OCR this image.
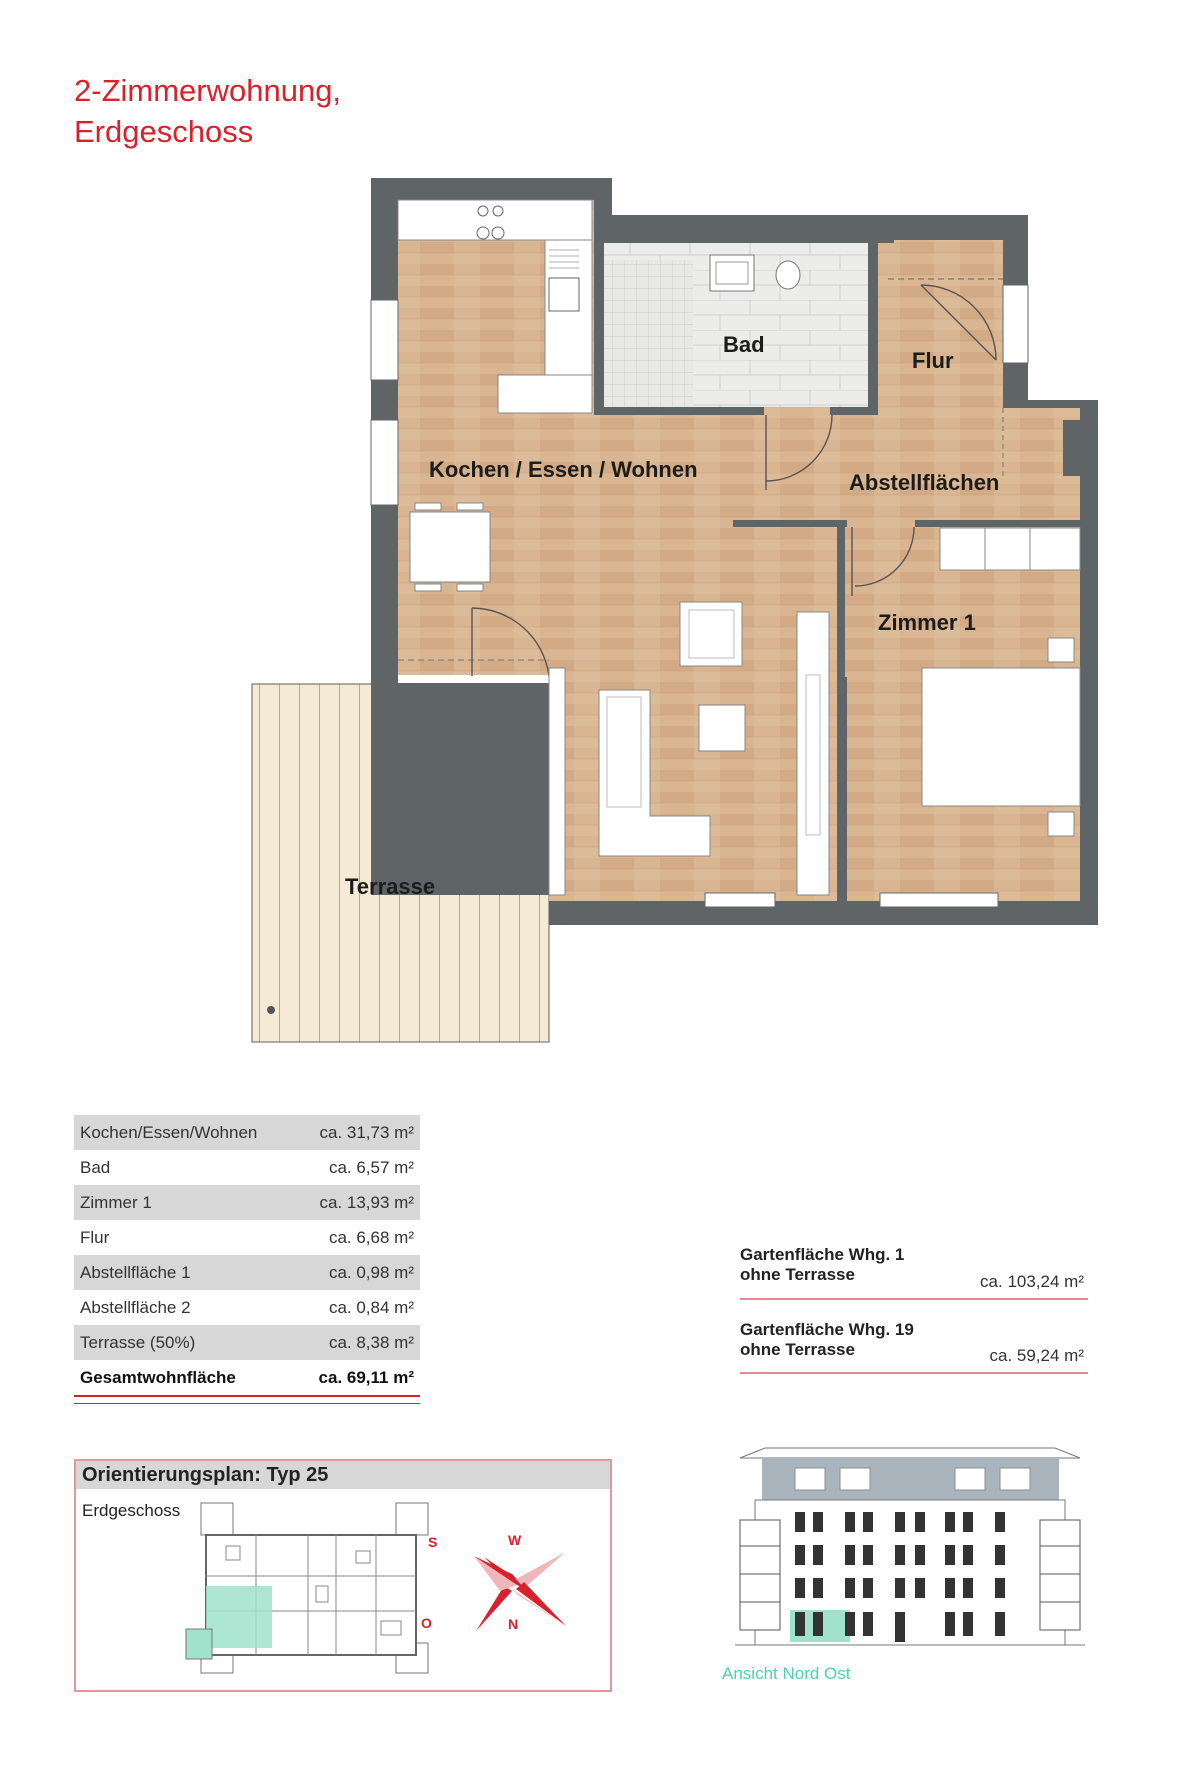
2-Zimmerwohnung,
Erdgeschoss
Bad
Flur
Kochen / Essen / Wohnen
Abstellflächen
Zimmer 1
Terrasse
Kochen/Essen/Wohnen	ca. 31,73 m²
Bad	ca. 6,57 m²
Zimmer 1	ca. 13,93 m²
Flur	ca. 6,68 m²
Abstellfläche 1	ca. 0,98 m²
Abstellfläche 2	ca. 0,84 m²
Terrasse (50%)	ca. 8,38 m²
Gesamtwohnfläche	ca. 69,11 m²
Gartenfläche Whg. 1
ohne Terrasse	ca. 103,24 m²
Gartenfläche Whg. 19
ohne Terrasse	ca. 59,24 m²
Orientierungsplan: Typ 25
Erdgeschoss
S	W
O	N
Ansicht Nord Ost
